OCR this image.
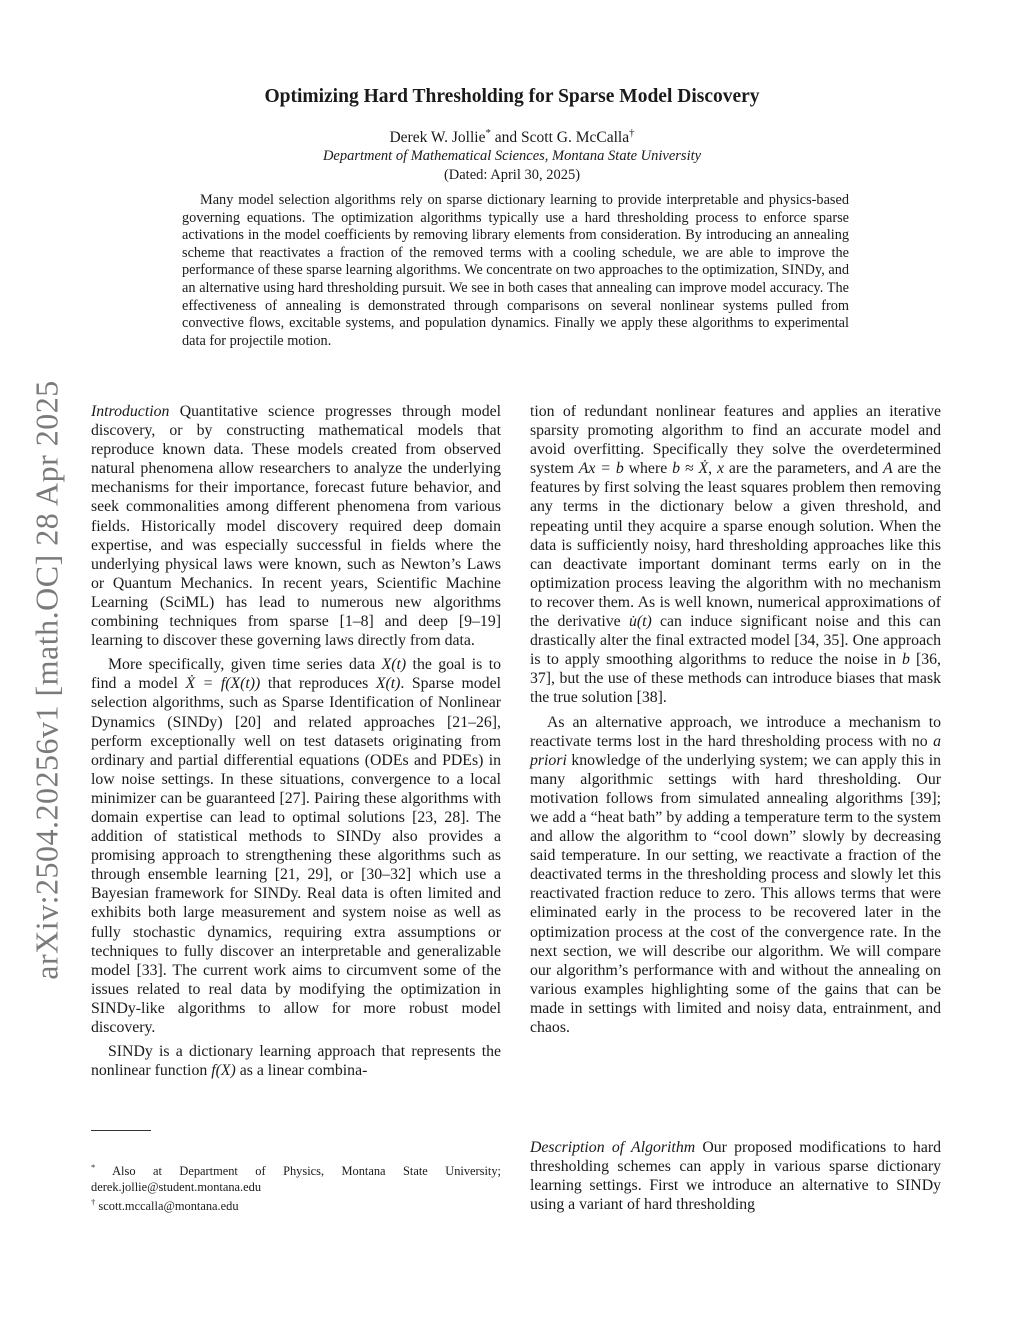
arXiv:2504.20256v1 [math.OC] 28 Apr 2025
Optimizing Hard Thresholding for Sparse Model Discovery
Derek W. Jollie* and Scott G. McCalla†
Department of Mathematical Sciences, Montana State University
(Dated: April 30, 2025)
Many model selection algorithms rely on sparse dictionary learning to provide interpretable and physics-based governing equations. The optimization algorithms typically use a hard thresholding process to enforce sparse activations in the model coefficients by removing library elements from consideration. By introducing an annealing scheme that reactivates a fraction of the removed terms with a cooling schedule, we are able to improve the performance of these sparse learning algorithms. We concentrate on two approaches to the optimization, SINDy, and an alternative using hard thresholding pursuit. We see in both cases that annealing can improve model accuracy. The effectiveness of annealing is demonstrated through comparisons on several nonlinear systems pulled from convective flows, excitable systems, and population dynamics. Finally we apply these algorithms to experimental data for projectile motion.

Introduction Quantitative science progresses through model discovery, or by constructing mathematical models that reproduce known data. These models created from observed natural phenomena allow researchers to analyze the underlying mechanisms for their importance, forecast future behavior, and seek commonalities among different phenomena from various fields. Historically model discovery required deep domain expertise, and was especially successful in fields where the underlying physical laws were known, such as Newton’s Laws or Quantum Mechanics. In recent years, Scientific Machine Learning (SciML) has lead to numerous new algorithms combining techniques from sparse [1–8] and deep [9–19] learning to discover these governing laws directly from data.

More specifically, given time series data X(t) the goal is to find a model Ẋ = f(X(t)) that reproduces X(t). Sparse model selection algorithms, such as Sparse Identification of Nonlinear Dynamics (SINDy) [20] and related approaches [21–26], perform exceptionally well on test datasets originating from ordinary and partial differential equations (ODEs and PDEs) in low noise settings. In these situations, convergence to a local minimizer can be guaranteed [27]. Pairing these algorithms with domain expertise can lead to optimal solutions [23, 28]. The addition of statistical methods to SINDy also provides a promising approach to strengthening these algorithms such as through ensemble learning [21, 29], or [30–32] which use a Bayesian framework for SINDy. Real data is often limited and exhibits both large measurement and system noise as well as fully stochastic dynamics, requiring extra assumptions or techniques to fully discover an interpretable and generalizable model [33]. The current work aims to circumvent some of the issues related to real data by modifying the optimization in SINDy-like algorithms to allow for more robust model discovery.

SINDy is a dictionary learning approach that represents the nonlinear function f(X) as a linear combina-

tion of redundant nonlinear features and applies an iterative sparsity promoting algorithm to find an accurate model and avoid overfitting. Specifically they solve the overdetermined system Ax = b where b ≈ Ẋ, x are the parameters, and A are the features by first solving the least squares problem then removing any terms in the dictionary below a given threshold, and repeating until they acquire a sparse enough solution. When the data is sufficiently noisy, hard thresholding approaches like this can deactivate important dominant terms early on in the optimization process leaving the algorithm with no mechanism to recover them. As is well known, numerical approximations of the derivative u̇(t) can induce significant noise and this can drastically alter the final extracted model [34, 35]. One approach is to apply smoothing algorithms to reduce the noise in b [36, 37], but the use of these methods can introduce biases that mask the true solution [38].

As an alternative approach, we introduce a mechanism to reactivate terms lost in the hard thresholding process with no a priori knowledge of the underlying system; we can apply this in many algorithmic settings with hard thresholding. Our motivation follows from simulated annealing algorithms [39]; we add a “heat bath” by adding a temperature term to the system and allow the algorithm to “cool down” slowly by decreasing said temperature. In our setting, we reactivate a fraction of the deactivated terms in the thresholding process and slowly let this reactivated fraction reduce to zero. This allows terms that were eliminated early in the process to be recovered later in the optimization process at the cost of the convergence rate. In the next section, we will describe our algorithm. We will compare our algorithm’s performance with and without the annealing on various examples highlighting some of the gains that can be made in settings with limited and noisy data, entrainment, and chaos.

Description of Algorithm Our proposed modifications to hard thresholding schemes can apply in various sparse dictionary learning settings. First we introduce an alternative to SINDy using a variant of hard thresholding

* Also at Department of Physics, Montana State University; derek.jollie@student.montana.edu
† scott.mccalla@montana.edu
